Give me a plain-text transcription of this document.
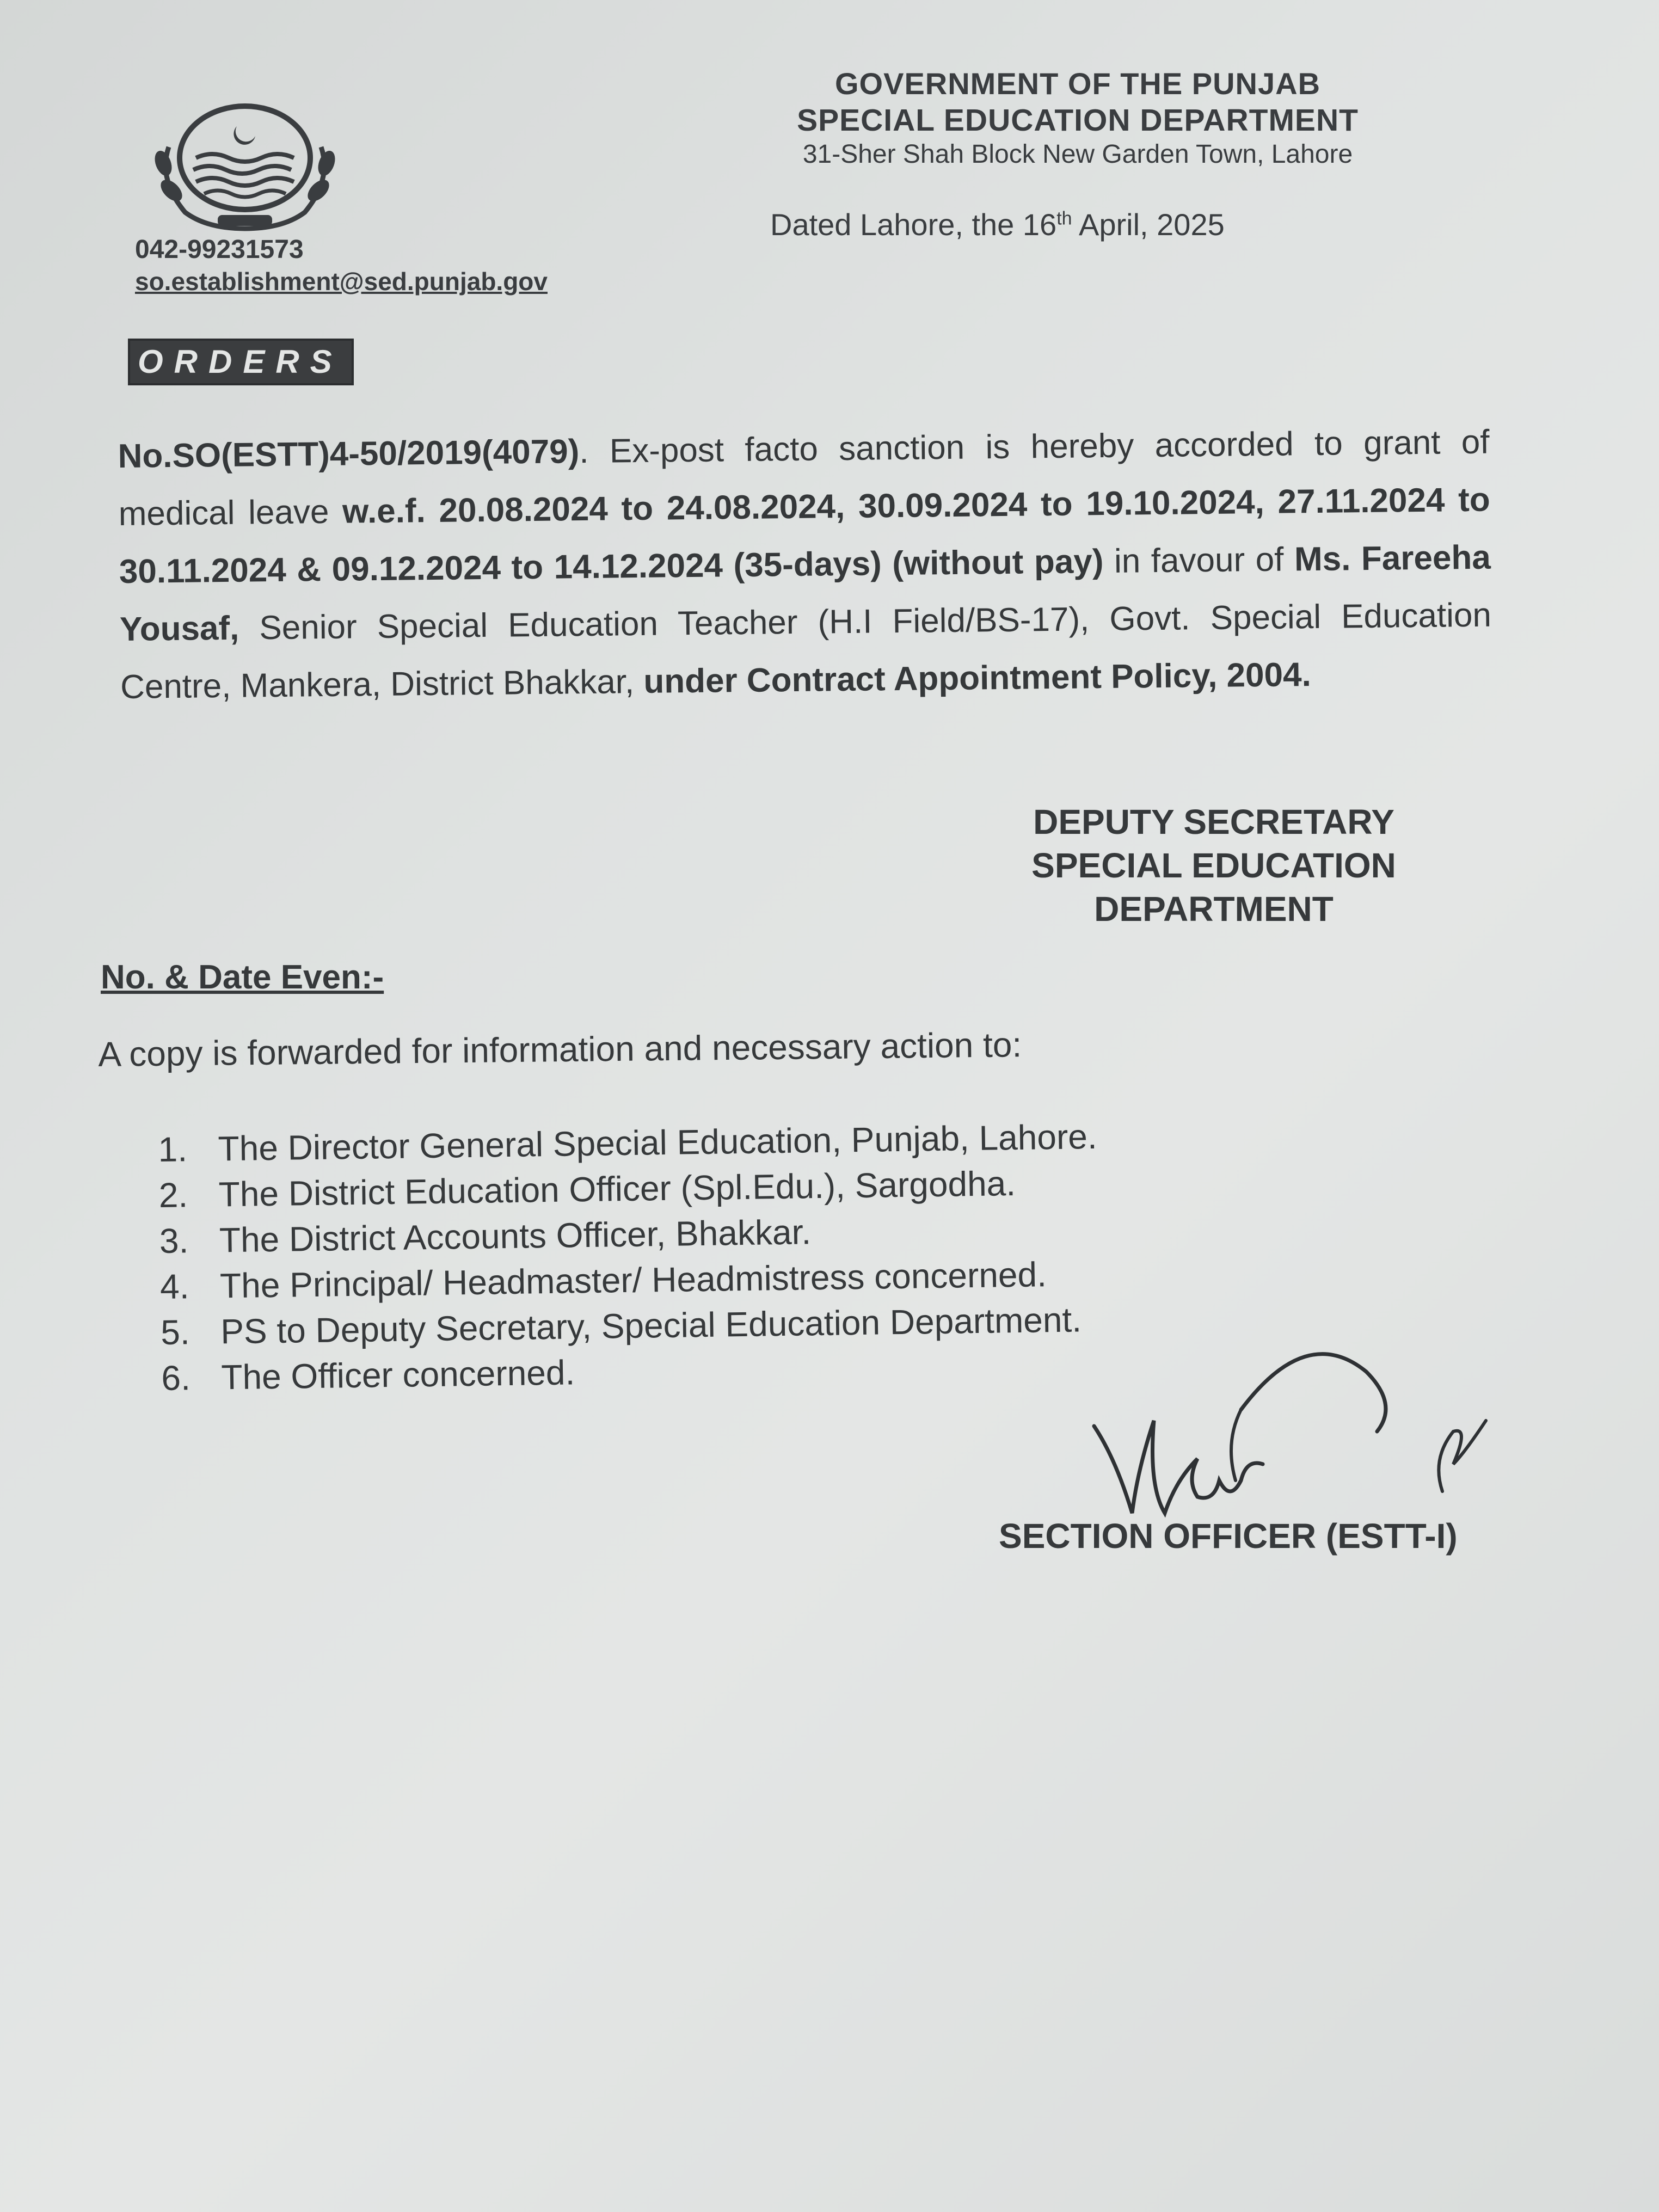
042-99231573
so.establishment@sed.punjab.gov
GOVERNMENT OF THE PUNJAB
SPECIAL EDUCATION DEPARTMENT
31-Sher Shah Block New Garden Town, Lahore
Dated Lahore, the 16th April, 2025
ORDERS

No.SO(ESTT)4-50/2019(4079). Ex-post facto sanction is hereby accorded to grant of medical leave w.e.f. 20.08.2024 to 24.08.2024, 30.09.2024 to 19.10.2024, 27.11.2024 to 30.11.2024 & 09.12.2024 to 14.12.2024 (35-days) (without pay) in favour of Ms. Fareeha Yousaf, Senior Special Education Teacher (H.I Field/BS-17), Govt. Special Education Centre, Mankera, District Bhakkar, under Contract Appointment Policy, 2004.
DEPUTY SECRETARY
SPECIAL EDUCATION
DEPARTMENT
No. & Date Even:-
A copy is forwarded for information and necessary action to:
1. The Director General Special Education, Punjab, Lahore.
2. The District Education Officer (Spl.Edu.), Sargodha.
3. The District Accounts Officer, Bhakkar.
4. The Principal/ Headmaster/ Headmistress concerned.
5. PS to Deputy Secretary, Special Education Department.
6. The Officer concerned.
SECTION OFFICER (ESTT-I)
